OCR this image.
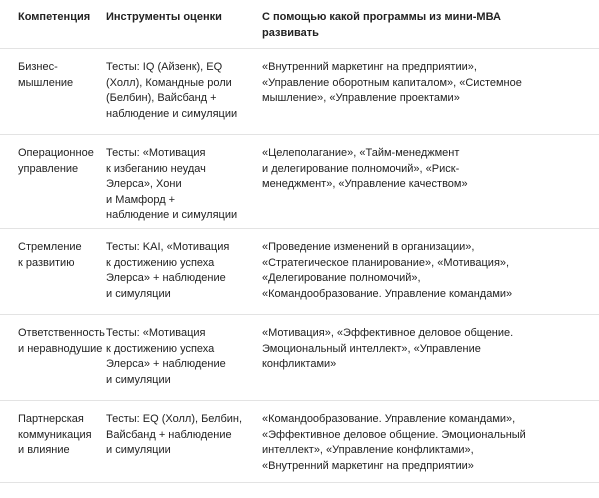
Компетенция	Инструменты оценки	С помощью какой программы из мини-МВА
развивать
Бизнес-
мышление
Тесты: IQ (Айзенк), EQ
(Холл), Командные роли
(Белбин), Вайсбанд +
наблюдение и симуляции
«Внутренний маркетинг на предприятии»,
«Управление оборотным капиталом», «Системное
мышление», «Управление проектами»
Операционное
управление
Тесты: «Мотивация
к избеганию неудач
Элерса», Хони
и Мамфорд +
наблюдение и симуляции
«Целеполагание», «Тайм-менеджмент
и делегирование полномочий», «Риск-
менеджмент», «Управление качеством»
Стремление
к развитию
Тесты: KAI, «Мотивация
к достижению успеха
Элерса» + наблюдение
и симуляции
«Проведение изменений в организации»,
«Стратегическое планирование», «Мотивация»,
«Делегирование полномочий»,
«Командообразование. Управление командами»
Ответственность
и неравнодушие
Тесты: «Мотивация
к достижению успеха
Элерса» + наблюдение
и симуляции
«Мотивация», «Эффективное деловое общение.
Эмоциональный интеллект», «Управление
конфликтами»
Партнерская
коммуникация
и влияние
Тесты: EQ (Холл), Белбин,
Вайсбанд + наблюдение
и симуляции
«Командообразование. Управление командами»,
«Эффективное деловое общение. Эмоциональный
интеллект», «Управление конфликтами»,
«Внутренний маркетинг на предприятии»
